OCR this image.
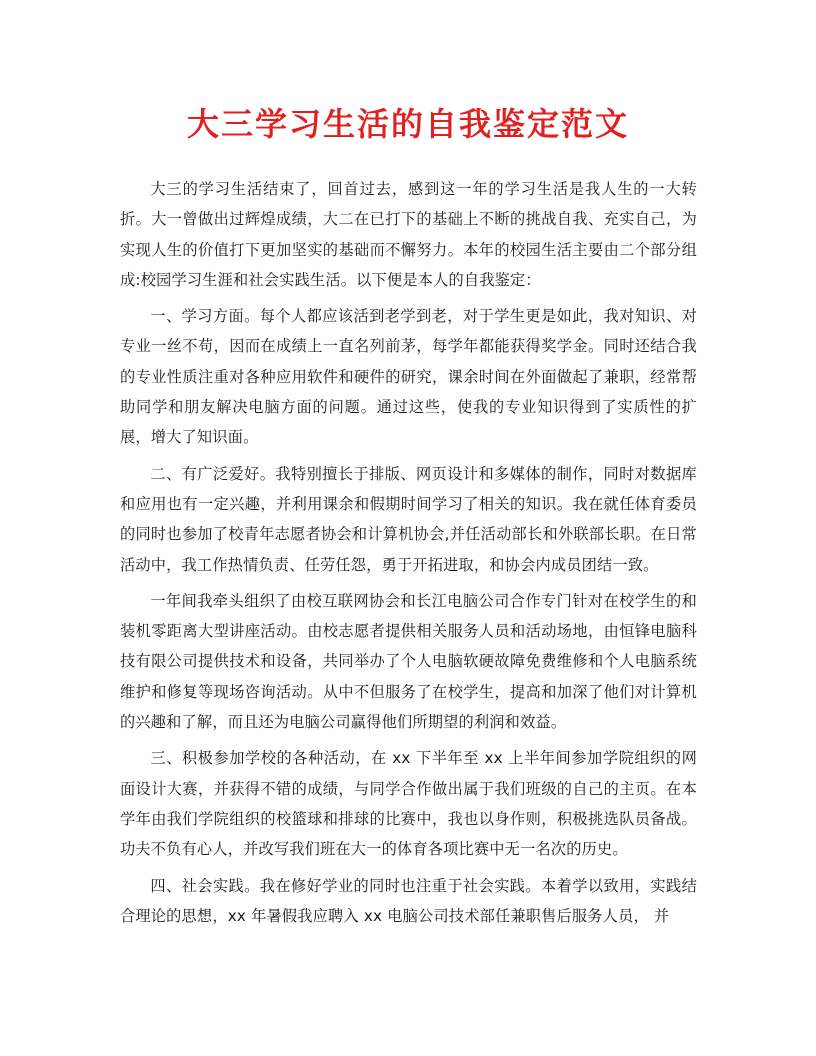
大三学习生活的自我鉴定范文

大三的学习生活结束了，回首过去，感到这一年的学习生活是我人生的一大转折。大一曾做出过辉煌成绩，大二在已打下的基础上不断的挑战自我、充实自己，为实现人生的价值打下更加坚实的基础而不懈努力。本年的校园生活主要由二个部分组成:校园学习生涯和社会实践生活。以下便是本人的自我鉴定：

一、学习方面。每个人都应该活到老学到老，对于学生更是如此，我对知识、对专业一丝不苟，因而在成绩上一直名列前茅，每学年都能获得奖学金。同时还结合我的专业性质注重对各种应用软件和硬件的研究，课余时间在外面做起了兼职，经常帮助同学和朋友解决电脑方面的问题。通过这些，使我的专业知识得到了实质性的扩展，增大了知识面。

二、有广泛爱好。我特别擅长于排版、网页设计和多媒体的制作，同时对数据库和应用也有一定兴趣，并利用课余和假期时间学习了相关的知识。我在就任体育委员的同时也参加了校青年志愿者协会和计算机协会,并任活动部长和外联部长职。在日常活动中，我工作热情负责、任劳任怨，勇于开拓进取，和协会内成员团结一致。

一年间我牵头组织了由校互联网协会和长江电脑公司合作专门针对在校学生的和装机零距离大型讲座活动。由校志愿者提供相关服务人员和活动场地，由恒锋电脑科技有限公司提供技术和设备，共同举办了个人电脑软硬故障免费维修和个人电脑系统维护和修复等现场咨询活动。从中不但服务了在校学生，提高和加深了他们对计算机的兴趣和了解，而且还为电脑公司赢得他们所期望的利润和效益。

三、积极参加学校的各种活动，在 xx 下半年至 xx 上半年间参加学院组织的网面设计大赛，并获得不错的成绩，与同学合作做出属于我们班级的自己的主页。在本学年由我们学院组织的校篮球和排球的比赛中，我也以身作则，积极挑选队员备战。功夫不负有心人，并改写我们班在大一的体育各项比赛中无一名次的历史。

四、社会实践。我在修好学业的同时也注重于社会实践。本着学以致用，实践结合理论的思想，xx 年暑假我应聘入 xx 电脑公司技术部任兼职售后服务人员， 并
